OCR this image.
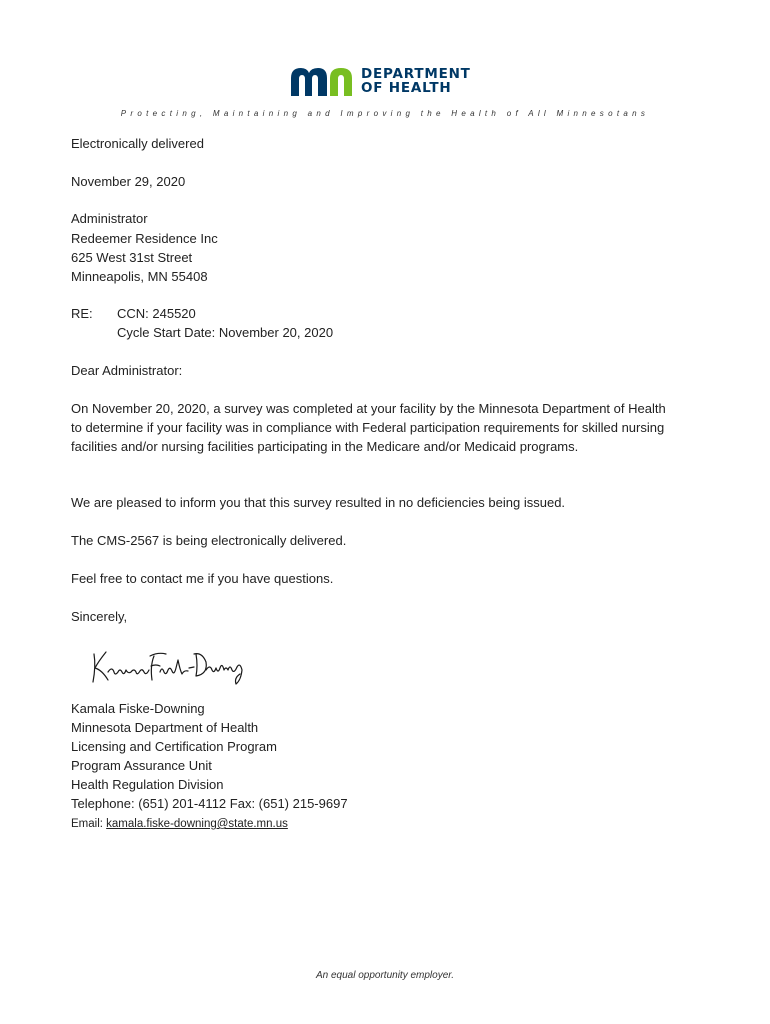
DEPARTMENT
OF HEALTH
Protecting, Maintaining and Improving the Health of All Minnesotans
Electronically delivered
November 29, 2020
Administrator
Redeemer Residence Inc
625 West 31st Street
Minneapolis, MN 55408
RE: CCN: 245520
Cycle Start Date: November 20, 2020
Dear Administrator:
On November 20, 2020, a survey was completed at your facility by the Minnesota Department of Health to determine if your facility was in compliance with Federal participation requirements for skilled nursing facilities and/or nursing facilities participating in the Medicare and/or Medicaid programs.
We are pleased to inform you that this survey resulted in no deficiencies being issued.
The CMS-2567 is being electronically delivered.
Feel free to contact me if you have questions.
Sincerely,
Kamala Fiske-Downing
Minnesota Department of Health
Licensing and Certification Program
Program Assurance Unit
Health Regulation Division
Telephone: (651) 201-4112 Fax: (651) 215-9697
Email: kamala.fiske-downing@state.mn.us
An equal opportunity employer.
